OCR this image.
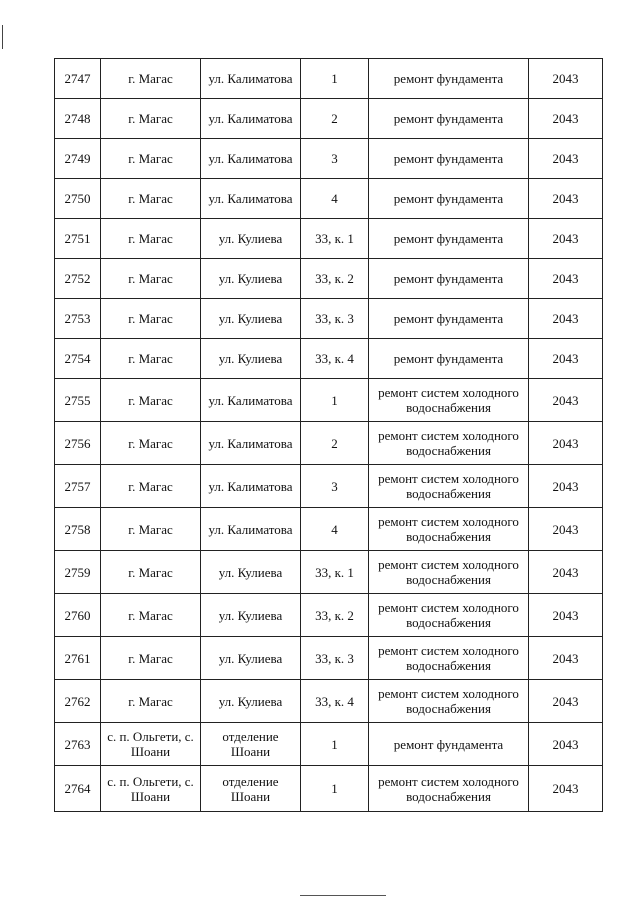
2747	г. Магас	ул. Калиматова	1	ремонт фундамента	2043
2748	г. Магас	ул. Калиматова	2	ремонт фундамента	2043
2749	г. Магас	ул. Калиматова	3	ремонт фундамента	2043
2750	г. Магас	ул. Калиматова	4	ремонт фундамента	2043
2751	г. Магас	ул. Кулиева	33, к. 1	ремонт фундамента	2043
2752	г. Магас	ул. Кулиева	33, к. 2	ремонт фундамента	2043
2753	г. Магас	ул. Кулиева	33, к. 3	ремонт фундамента	2043
2754	г. Магас	ул. Кулиева	33, к. 4	ремонт фундамента	2043
2755	г. Магас	ул. Калиматова	1	ремонт систем холодного
водоснабжения	2043
2756	г. Магас	ул. Калиматова	2	ремонт систем холодного
водоснабжения	2043
2757	г. Магас	ул. Калиматова	3	ремонт систем холодного
водоснабжения	2043
2758	г. Магас	ул. Калиматова	4	ремонт систем холодного
водоснабжения	2043
2759	г. Магас	ул. Кулиева	33, к. 1	ремонт систем холодного
водоснабжения	2043
2760	г. Магас	ул. Кулиева	33, к. 2	ремонт систем холодного
водоснабжения	2043
2761	г. Магас	ул. Кулиева	33, к. 3	ремонт систем холодного
водоснабжения	2043
2762	г. Магас	ул. Кулиева	33, к. 4	ремонт систем холодного
водоснабжения	2043
2763	с. п. Ольгети, с. Шоани	отделение
Шоани	1	ремонт фундамента	2043
2764	с. п. Ольгети, с. Шоани	отделение
Шоани	1	ремонт систем холодного
водоснабжения	2043
